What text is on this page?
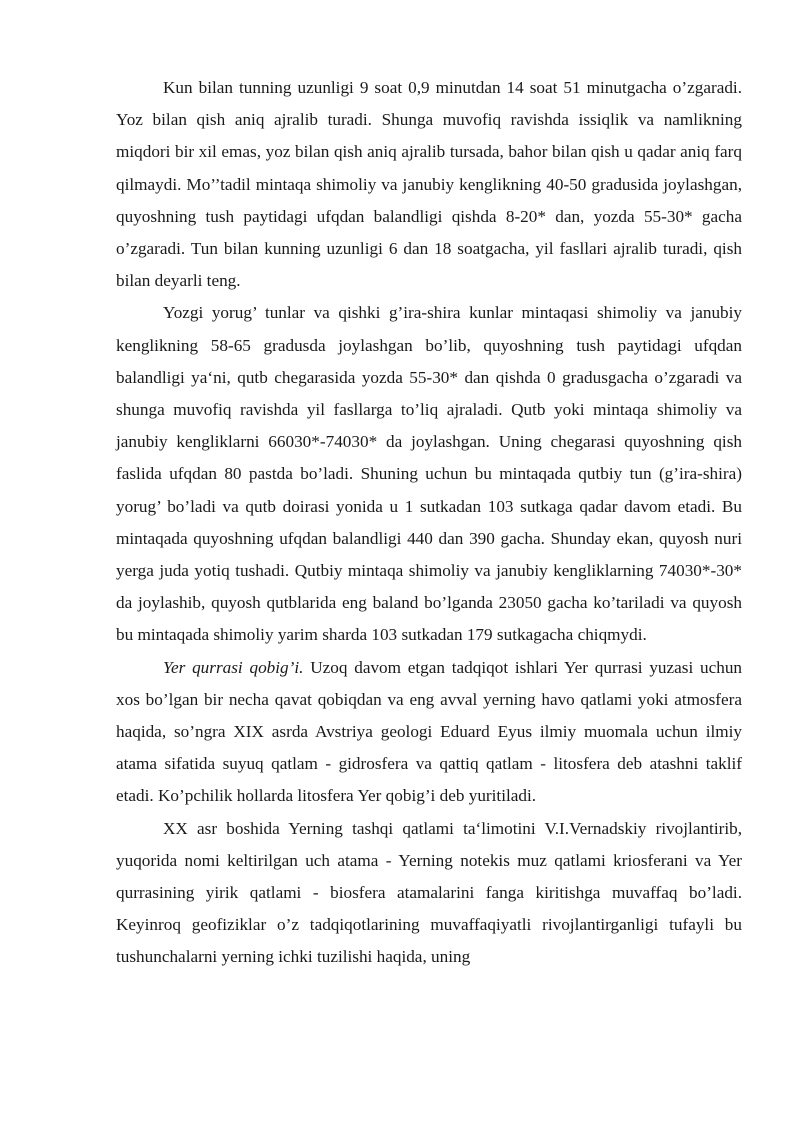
Kun bilan tunning uzunligi 9 soat 0,9 minutdan 14 soat 51 minutgacha o’zgaradi. Yoz bilan qish aniq ajralib turadi. Shunga muvofiq ravishda issiqlik va namlikning miqdori bir xil emas, yoz bilan qish aniq ajralib tursada, bahor bilan qish u qadar aniq farq qilmaydi. Mo’’tadil mintaqa shimoliy va janubiy kenglikning 40-50 gradusida joylashgan, quyoshning tush paytidagi ufqdan balandligi qishda 8-20* dan, yozda 55-30* gacha o’zgaradi. Tun bilan kunning uzunligi 6 dan 18 soatgacha, yil fasllari ajralib turadi, qish bilan deyarli teng.

Yozgi yorug’ tunlar va qishki g’ira-shira kunlar mintaqasi shimoliy va janubiy kenglikning 58-65 gradusda joylashgan bo’lib, quyoshning tush paytidagi ufqdan balandligi ya‘ni, qutb chegarasida yozda 55-30* dan qishda 0 gradusgacha o’zgaradi va shunga muvofiq ravishda yil fasllarga to’liq ajraladi. Qutb yoki mintaqa shimoliy va janubiy kengliklarni 66030*-74030* da joylashgan. Uning chegarasi quyoshning qish faslida ufqdan 80 pastda bo’ladi. Shuning uchun bu mintaqada qutbiy tun (g’ira-shira) yorug’ bo’ladi va qutb doirasi yonida u 1 sutkadan 103 sutkaga qadar davom etadi. Bu mintaqada quyoshning ufqdan balandligi 440 dan 390 gacha. Shunday ekan, quyosh nuri yerga juda yotiq tushadi. Qutbiy mintaqa shimoliy va janubiy kengliklarning 74030*-30* da joylashib, quyosh qutblarida eng baland bo’lganda 23050 gacha ko’tariladi va quyosh bu mintaqada shimoliy yarim sharda 103 sutkadan 179 sutkagacha chiqmydi.

Yer qurrasi qobig’i. Uzoq davom etgan tadqiqot ishlari Yer qurrasi yuzasi uchun xos bo’lgan bir necha qavat qobiqdan va eng avval yerning havo qatlami yoki atmosfera haqida, so’ngra XIX asrda Avstriya geologi Eduard Eyus ilmiy muomala uchun ilmiy atama sifatida suyuq qatlam - gidrosfera va qattiq qatlam - litosfera deb atashni taklif etadi. Ko’pchilik hollarda litosfera Yer qobig’i deb yuritiladi.

XX asr boshida Yerning tashqi qatlami ta‘limotini V.I.Vernadskiy rivojlantirib, yuqorida nomi keltirilgan uch atama - Yerning notekis muz qatlami kriosferani va Yer qurrasining yirik qatlami - biosfera atamalarini fanga kiritishga muvaffaq bo’ladi. Keyinroq geofiziklar o’z tadqiqotlarining muvaffaqiyatli rivojlantirganligi tufayli bu tushunchalarni yerning ichki tuzilishi haqida, uning
